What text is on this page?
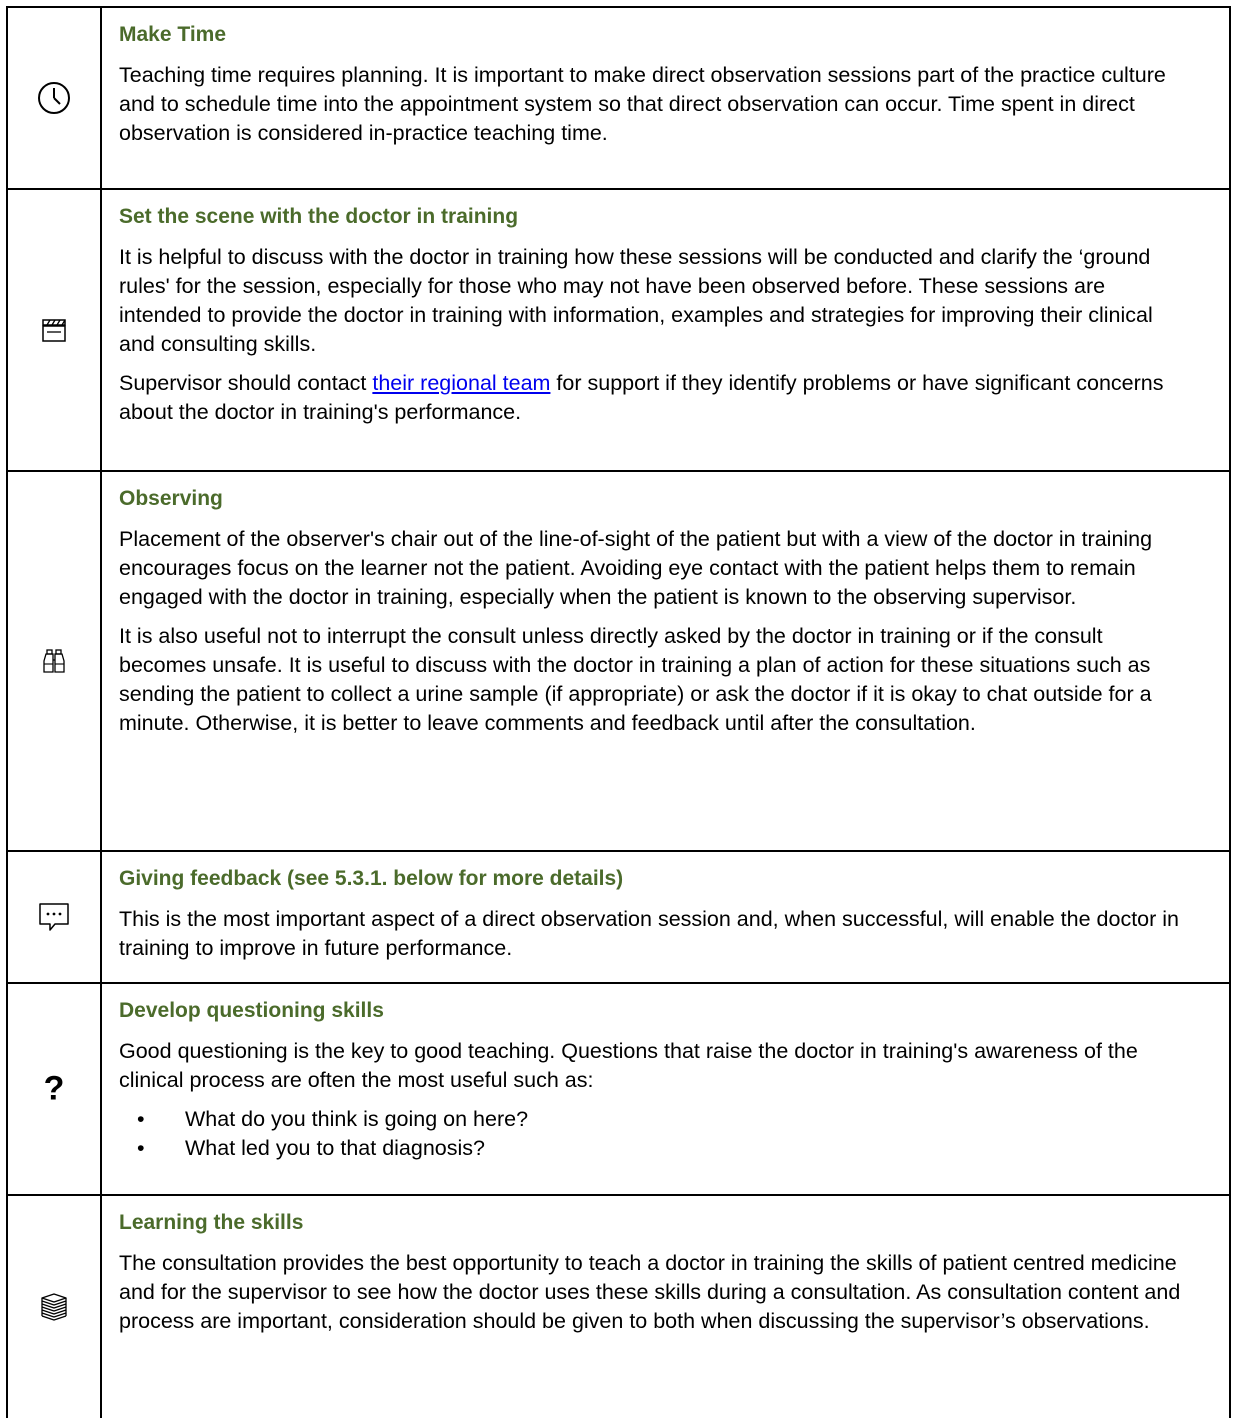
Make Time

Teaching time requires planning. It is important to make direct observation sessions part of the practice culture and to schedule time into the appointment system so that direct observation can occur. Time spent in direct observation is considered in-practice teaching time.

Set the scene with the doctor in training

It is helpful to discuss with the doctor in training how these sessions will be conducted and clarify the ‘ground rules' for the session, especially for those who may not have been observed before. These sessions are intended to provide the doctor in training with information, examples and strategies for improving their clinical and consulting skills.

Supervisor should contact their regional team for support if they identify problems or have significant concerns about the doctor in training's performance.

Observing

Placement of the observer's chair out of the line-of-sight of the patient but with a view of the doctor in training encourages focus on the learner not the patient. Avoiding eye contact with the patient helps them to remain engaged with the doctor in training, especially when the patient is known to the observing supervisor.

It is also useful not to interrupt the consult unless directly asked by the doctor in training or if the consult becomes unsafe. It is useful to discuss with the doctor in training a plan of action for these situations such as sending the patient to collect a urine sample (if appropriate) or ask the doctor if it is okay to chat outside for a minute. Otherwise, it is better to leave comments and feedback until after the consultation.

Giving feedback (see 5.3.1. below for more details)

This is the most important aspect of a direct observation session and, when successful, will enable the doctor in training to improve in future performance.

?

Develop questioning skills

Good questioning is the key to good teaching. Questions that raise the doctor in training's awareness of the clinical process are often the most useful such as:

• What do you think is going on here?
• What led you to that diagnosis?

Learning the skills

The consultation provides the best opportunity to teach a doctor in training the skills of patient centred medicine and for the supervisor to see how the doctor uses these skills during a consultation. As consultation content and process are important, consideration should be given to both when discussing the supervisor’s observations.
